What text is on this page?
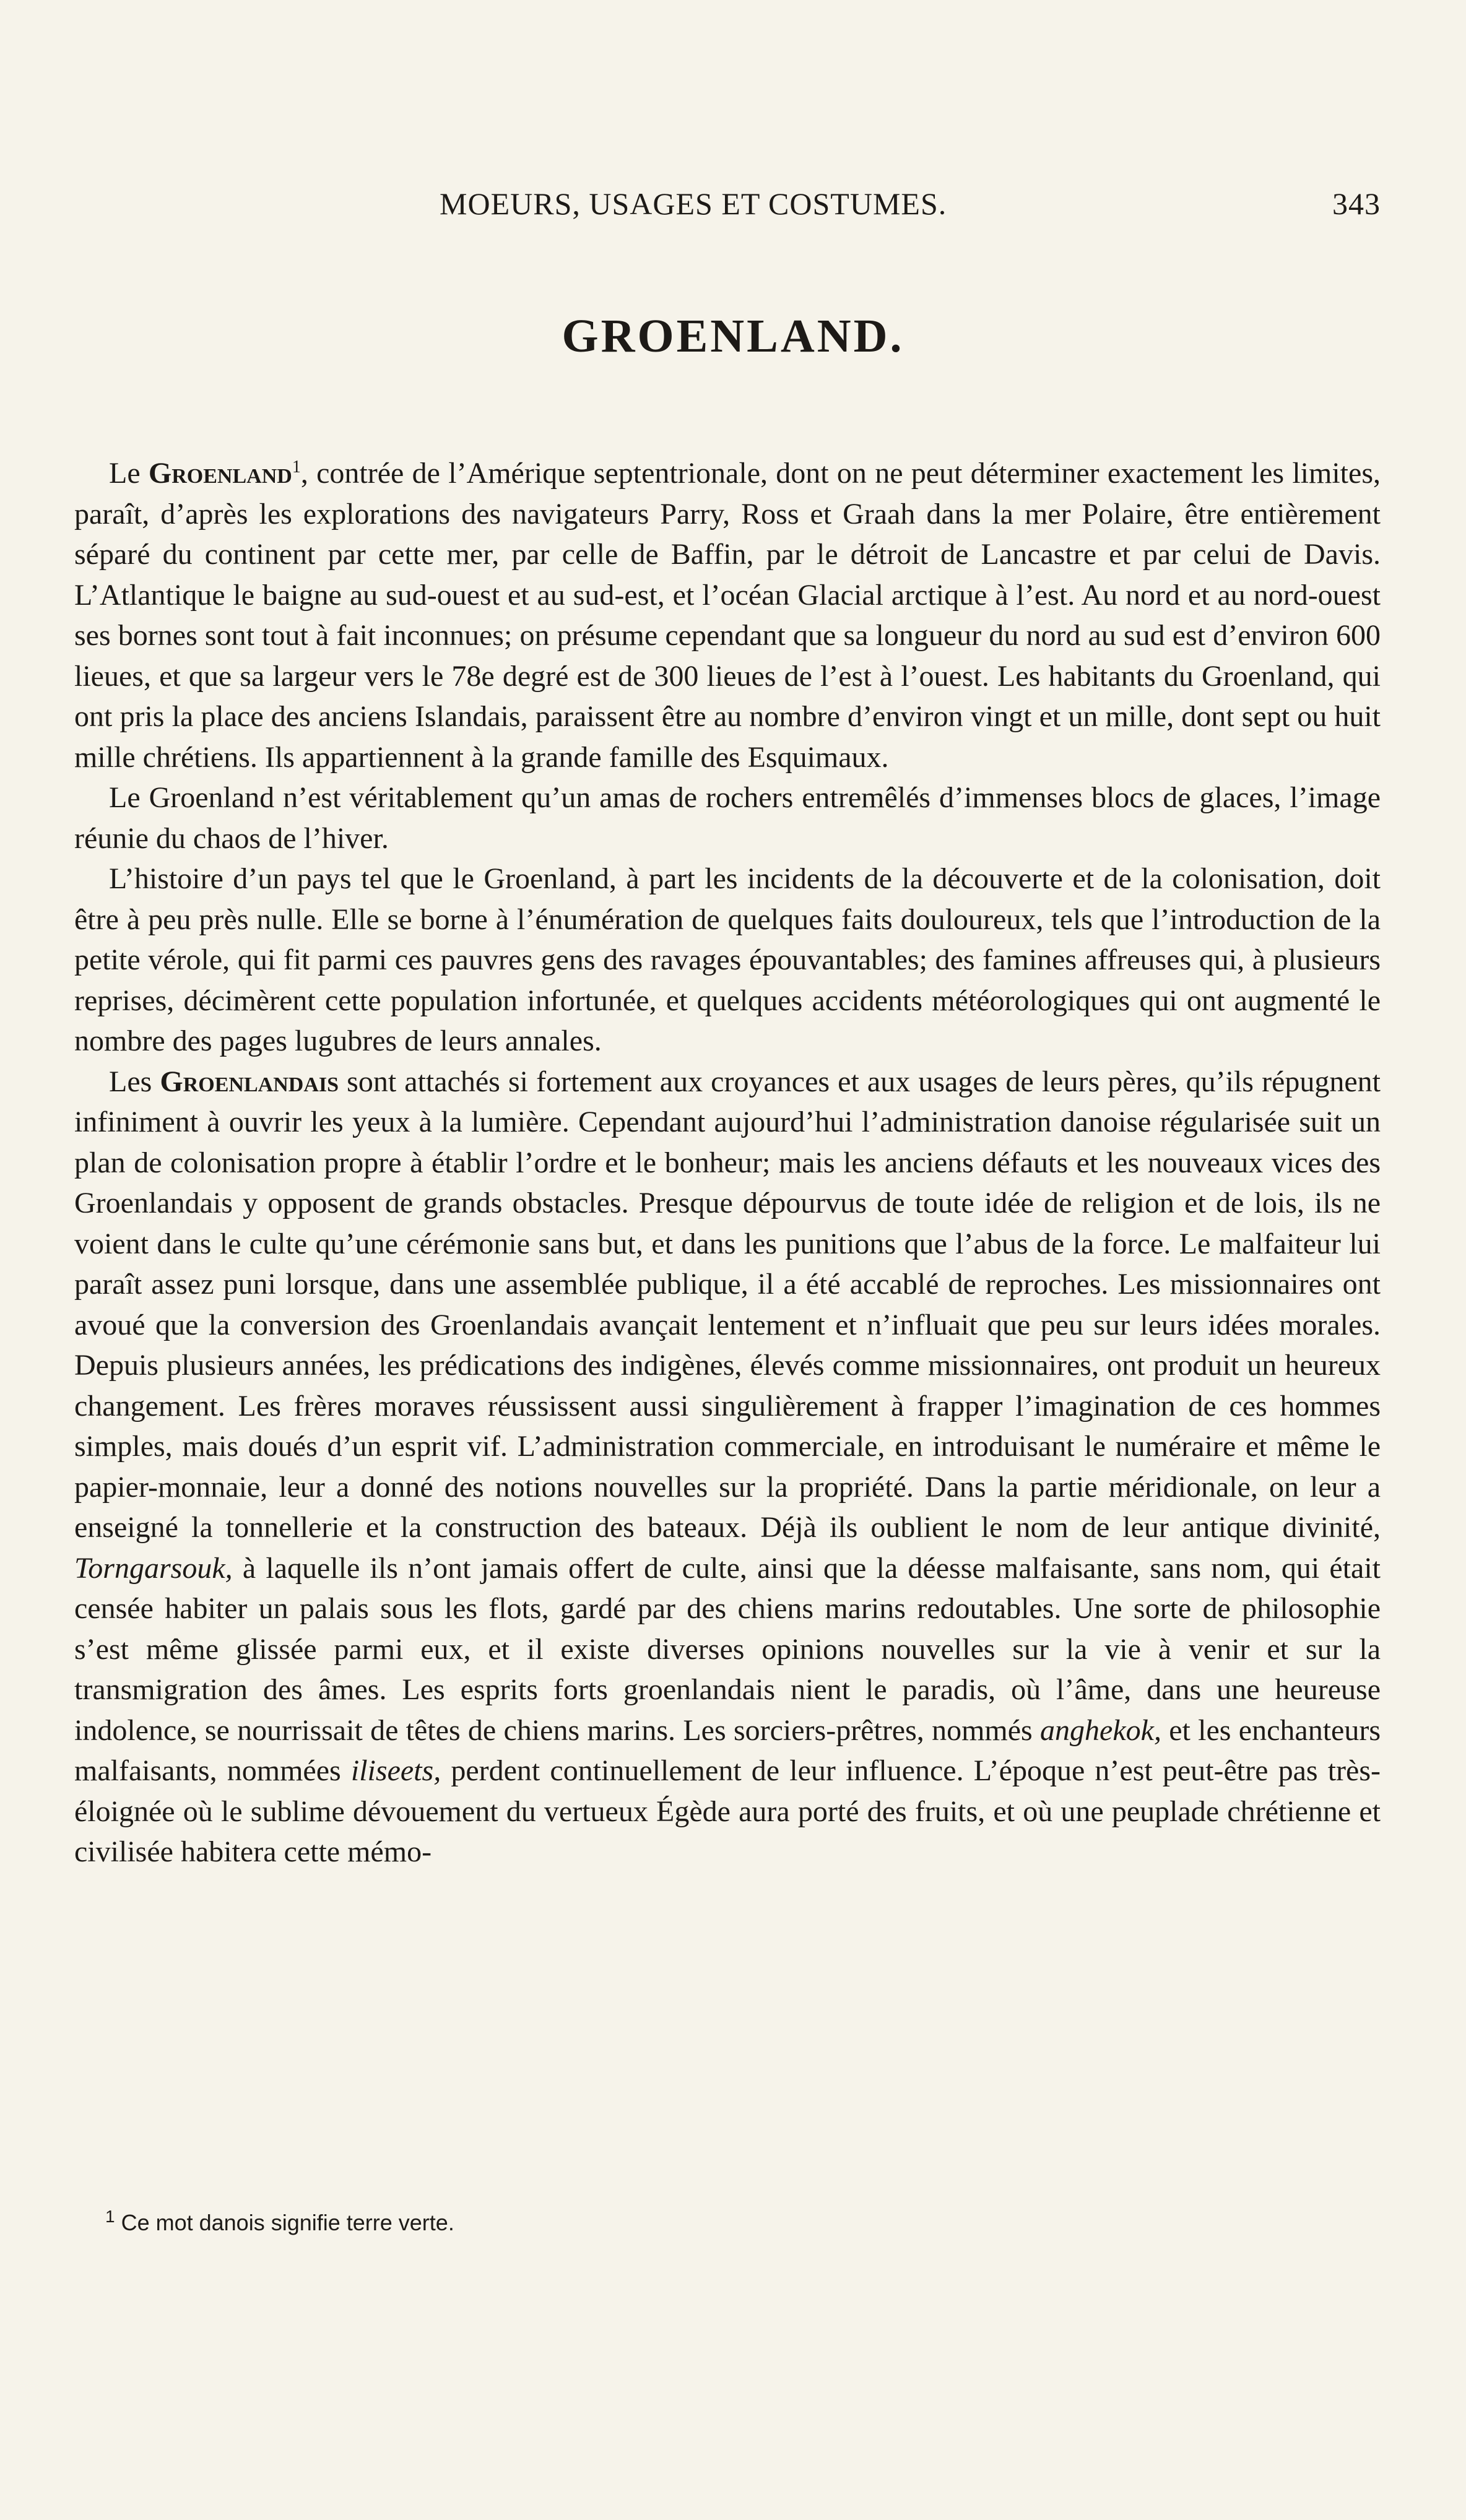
MOEURS, USAGES ET COSTUMES.	343
GROENLAND.

Le Groenland$^1$, contrée de l’Amérique septentrionale, dont on ne peut déterminer exactement les limites, paraît, d’après les explorations des navigateurs Parry, Ross et Graah dans la mer Polaire, être entièrement séparé du continent par cette mer, par celle de Baffin, par le détroit de Lancastre et par celui de Davis. L’Atlantique le baigne au sud-ouest et au sud-est, et l’océan Glacial arctique à l’est. Au nord et au nord-ouest ses bornes sont tout à fait inconnues; on présume cependant que sa longueur du nord au sud est d’environ 600 lieues, et que sa largeur vers le 78e degré est de 300 lieues de l’est à l’ouest. Les habitants du Groenland, qui ont pris la place des anciens Islandais, paraissent être au nombre d’environ vingt et un mille, dont sept ou huit mille chrétiens. Ils appartiennent à la grande famille des Esquimaux.

Le Groenland n’est véritablement qu’un amas de rochers entremêlés d’immenses blocs de glaces, l’image réunie du chaos de l’hiver.

L’histoire d’un pays tel que le Groenland, à part les incidents de la découverte et de la colonisation, doit être à peu près nulle. Elle se borne à l’énumération de quelques faits douloureux, tels que l’introduction de la petite vérole, qui fit parmi ces pauvres gens des ravages épouvantables; des famines affreuses qui, à plusieurs reprises, décimèrent cette population infortunée, et quelques accidents météorologiques qui ont augmenté le nombre des pages lugubres de leurs annales.

Les Groenlandais sont attachés si fortement aux croyances et aux usages de leurs pères, qu’ils répugnent infiniment à ouvrir les yeux à la lumière. Cependant aujourd’hui l’administration danoise régularisée suit un plan de colonisation propre à établir l’ordre et le bonheur; mais les anciens défauts et les nouveaux vices des Groenlandais y opposent de grands obstacles. Presque dépourvus de toute idée de religion et de lois, ils ne voient dans le culte qu’une cérémonie sans but, et dans les punitions que l’abus de la force. Le malfaiteur lui paraît assez puni lorsque, dans une assemblée publique, il a été accablé de reproches. Les missionnaires ont avoué que la conversion des Groenlandais avançait lentement et n’influait que peu sur leurs idées morales. Depuis plusieurs années, les prédications des indigènes, élevés comme missionnaires, ont produit un heureux changement. Les frères moraves réussissent aussi singulièrement à frapper l’imagination de ces hommes simples, mais doués d’un esprit vif. L’administration commerciale, en introduisant le numéraire et même le papier-monnaie, leur a donné des notions nouvelles sur la propriété. Dans la partie méridionale, on leur a enseigné la tonnellerie et la construction des bateaux. Déjà ils oublient le nom de leur antique divinité, Torngarsouk, à laquelle ils n’ont jamais offert de culte, ainsi que la déesse malfaisante, sans nom, qui était censée habiter un palais sous les flots, gardé par des chiens marins redoutables. Une sorte de philosophie s’est même glissée parmi eux, et il existe diverses opinions nouvelles sur la vie à venir et sur la transmigration des âmes. Les esprits forts groenlandais nient le paradis, où l’âme, dans une heureuse indolence, se nourrissait de têtes de chiens marins. Les sorciers-prêtres, nommés anghekok, et les enchanteurs malfaisants, nommées iliseets, perdent continuellement de leur influence. L’époque n’est peut-être pas très-éloignée où le sublime dévouement du vertueux Égède aura porté des fruits, et où une peuplade chrétienne et civilisée habitera cette mémo-

$^1$ Ce mot danois signifie terre verte.
